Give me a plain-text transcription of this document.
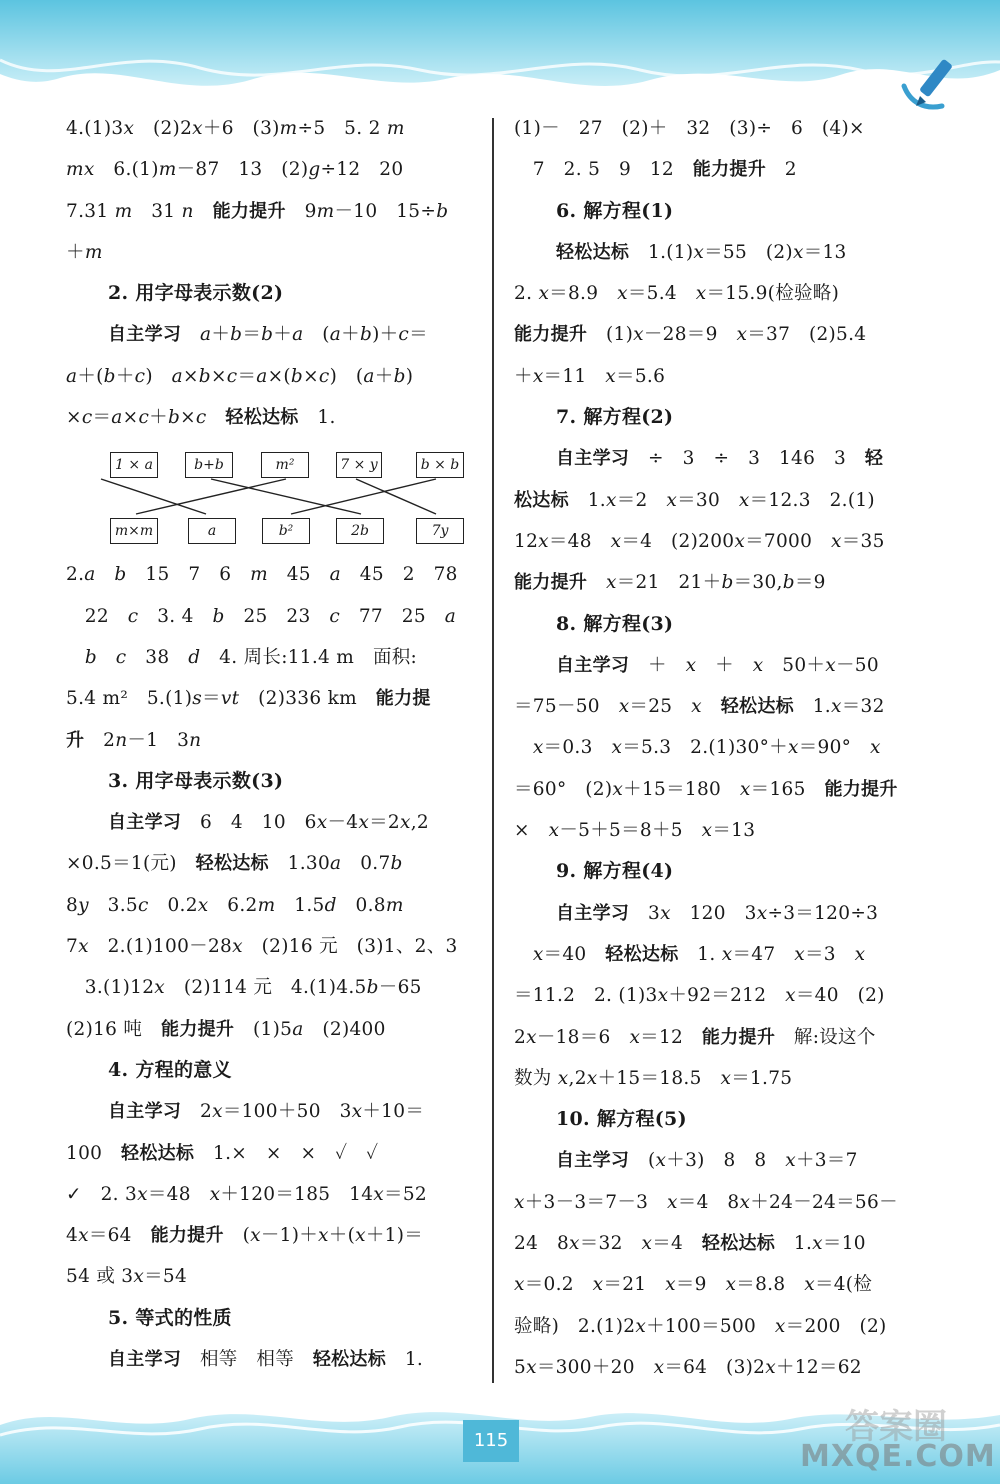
4.(1)3x　(2)2x＋6　(3)m÷5　5. 2 m
mx　6.(1)m－87　13　(2)g÷12　20
7.31 m　31 n　 能力提升　9m－10　15÷b
＋m
2. 用字母表示数(2)
自主学习　 a＋b＝b＋a　(a＋b)＋c＝
a＋(b＋c)　a×b×c＝a×(b×c)　(a＋b)
×c＝a×c＋b×c　 轻松达标　1.
1 × a	b+b	m²	7 × y	b × b
m×m	a	b²	2b	7y
2.a　 b　15　7　6　m　45　a　45　2　78
　22　c　3. 4　b　25　23　c　77　25　a
　b　 c　38　d　4. 周长:11.4 m　面积:
5.4 m²　5.(1)s＝vt　(2)336 km　能力提
升　2n－1　3n
3. 用字母表示数(3)
自主学习　6　4　10　6x－4x＝2x,2
×0.5＝1(元)　轻松达标　1.30a　0.7b
8y　3.5c　0.2x　6.2m　1.5d　0.8m
7x　2.(1)100－28x　(2)16 元　(3)1、2、3
　3.(1)12x　(2)114 元　4.(1)4.5b－65
(2)16 吨　能力提升　(1)5a　(2)400
4. 方程的意义
自主学习　2x＝100＋50　3x＋10＝
100　轻松达标　1.×　×　×　✓　✓
✓　2. 3x＝48　x＋120＝185　14x＝52
4x＝64　能力提升　(x－1)＋x＋(x＋1)＝
54 或 3x＝54
5. 等式的性质
自主学习　相等　相等　轻松达标　1.
(1)－　27　(2)＋　32　(3)÷　6　(4)×
　7　2. 5　9　12　能力提升　2
6. 解方程(1)
轻松达标　1.(1)x＝55　(2)x＝13
2. x＝8.9　x＝5.4　x＝15.9(检验略)
能力提升　(1)x－28＝9　x＝37　(2)5.4
＋x＝11　x＝5.6
7. 解方程(2)
自主学习　÷　3　÷　3　146　3　轻
松达标　1.x＝2　x＝30　x＝12.3　2.(1)
12x＝48　x＝4　(2)200x＝7000　x＝35
能力提升　 x＝21　21＋b＝30,b＝9
8. 解方程(3)
自主学习　＋　x　＋　x　50＋x－50
＝75－50　x＝25　x　 轻松达标　1.x＝32
　x＝0.3　x＝5.3　2.(1)30°＋x＝90°　x
＝60°　(2)x＋15＝180　x＝165　能力提升
×　x－5＋5＝8＋5　x＝13
9. 解方程(4)
自主学习　3x　120　3x÷3＝120÷3
　x＝40　轻松达标　1. x＝47　x＝3　x
＝11.2　2. (1)3x＋92＝212　x＝40　(2)
2x－18＝6　x＝12　能力提升　解:设这个
数为 x,2x＋15＝18.5　x＝1.75
10. 解方程(5)
自主学习　(x＋3)　8　8　x＋3＝7
x＋3－3＝7－3　x＝4　8x＋24－24＝56－
24　8x＝32　x＝4　轻松达标　1.x＝10
x＝0.2　x＝21　x＝9　x＝8.8　x＝4(检
验略)　2.(1)2x＋100＝500　x＝200　(2)
5x＝300＋20　x＝64　(3)2x＋12＝62
115	答案圈
MXQE.COM
